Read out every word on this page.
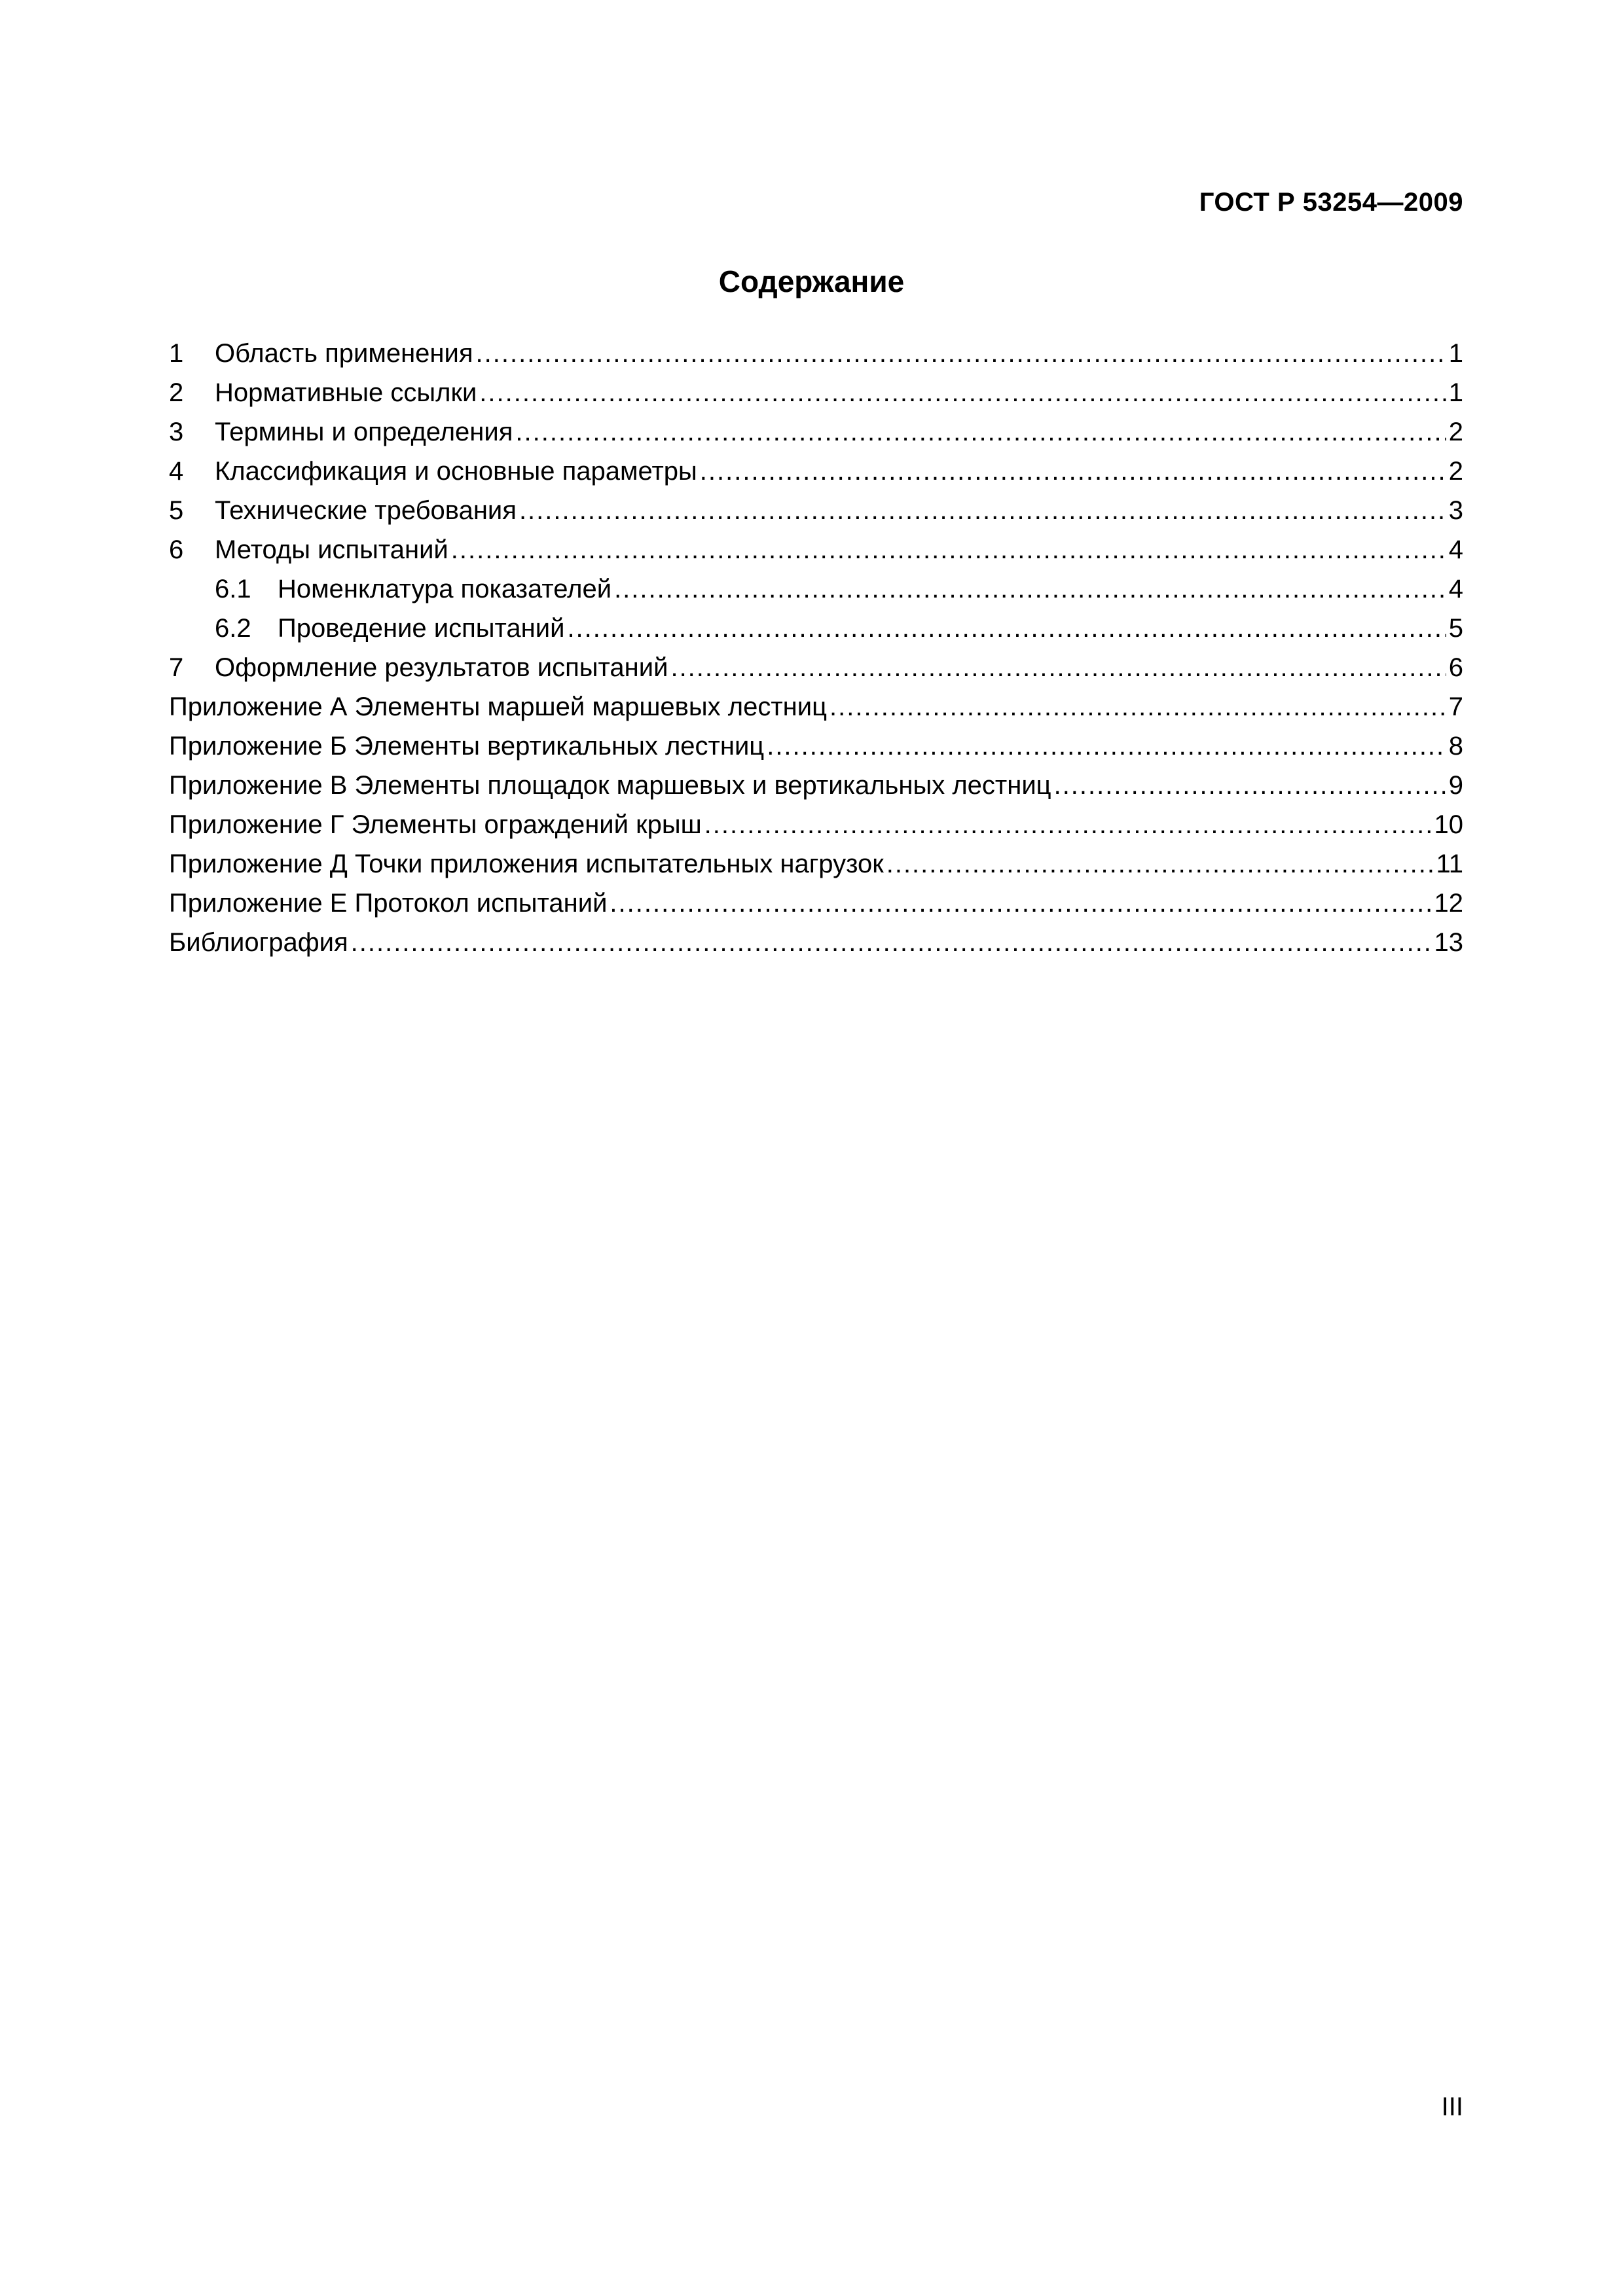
ГОСТ Р 53254—2009
Содержание
1	Область применения .....	1
2	Нормативные ссылки .....	1
3	Термины и определения .....	2
4	Классификация и основные параметры .....	2
5	Технические требования .....	3
6	Методы испытаний .....	4
6.1	Номенклатура показателей .....	4
6.2	Проведение испытаний .....	5
7	Оформление результатов испытаний .....	6
Приложение А Элементы маршей маршевых лестниц .....	7
Приложение Б Элементы вертикальных лестниц .....	8
Приложение В Элементы площадок маршевых и вертикальных лестниц .....	9
Приложение Г Элементы ограждений крыш .....	10
Приложение Д Точки приложения испытательных нагрузок .....	11
Приложение Е Протокол испытаний .....	12
Библиография .....	13
III
